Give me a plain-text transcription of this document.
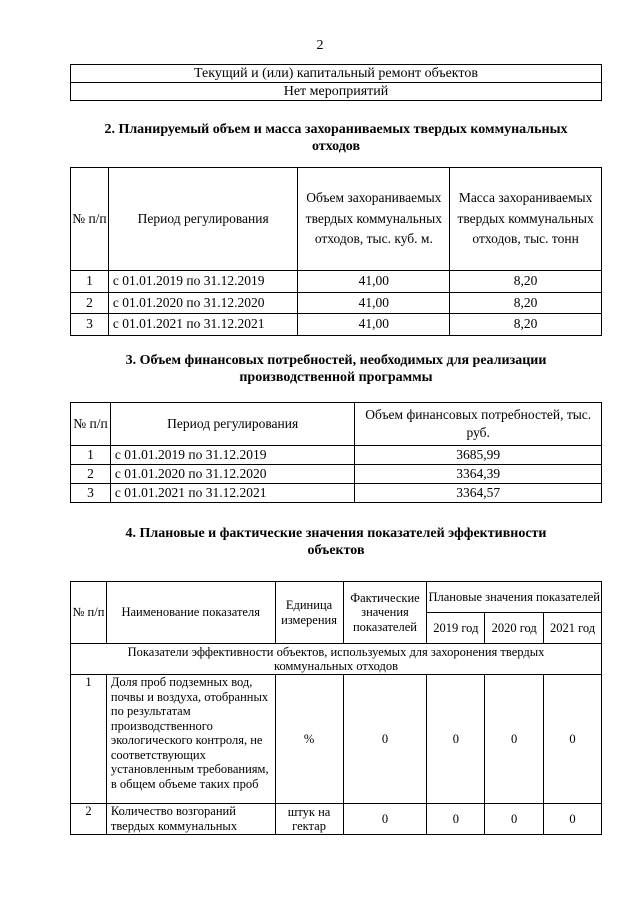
2
Текущий и (или) капитальный ремонт объектов
Нет мероприятий
2. Планируемый объем и масса захораниваемых твердых коммунальных
отходов
№ п/п	Период регулирования	Объем захораниваемых твердых коммунальных отходов, тыс. куб. м.	Масса захораниваемых твердых коммунальных отходов, тыс. тонн
1	с 01.01.2019 по 31.12.2019	41,00	8,20
2	с 01.01.2020 по 31.12.2020	41,00	8,20
3	с 01.01.2021 по 31.12.2021	41,00	8,20
3. Объем финансовых потребностей, необходимых для реализации
производственной программы
№ п/п	Период регулирования	Объем финансовых потребностей, тыс. руб.
1	с 01.01.2019 по 31.12.2019	3685,99
2	с 01.01.2020 по 31.12.2020	3364,39
3	с 01.01.2021 по 31.12.2021	3364,57
4. Плановые и фактические значения показателей эффективности
объектов
№ п/п	Наименование показателя	Единица измерения	Фактические значения показателей	Плановые значения показателей		
				2019 год	2020 год	2021 год
Показатели эффективности объектов, используемых для захоронения твердых коммунальных отходов						
1	Доля проб подземных вод, почвы и воздуха, отобранных по результатам производственного экологического контроля, не соответствующих установленным требованиям, в общем объеме таких проб	%	0	0	0	0
2	Количество возгораний твердых коммунальных	штук на гектар	0	0	0	0
